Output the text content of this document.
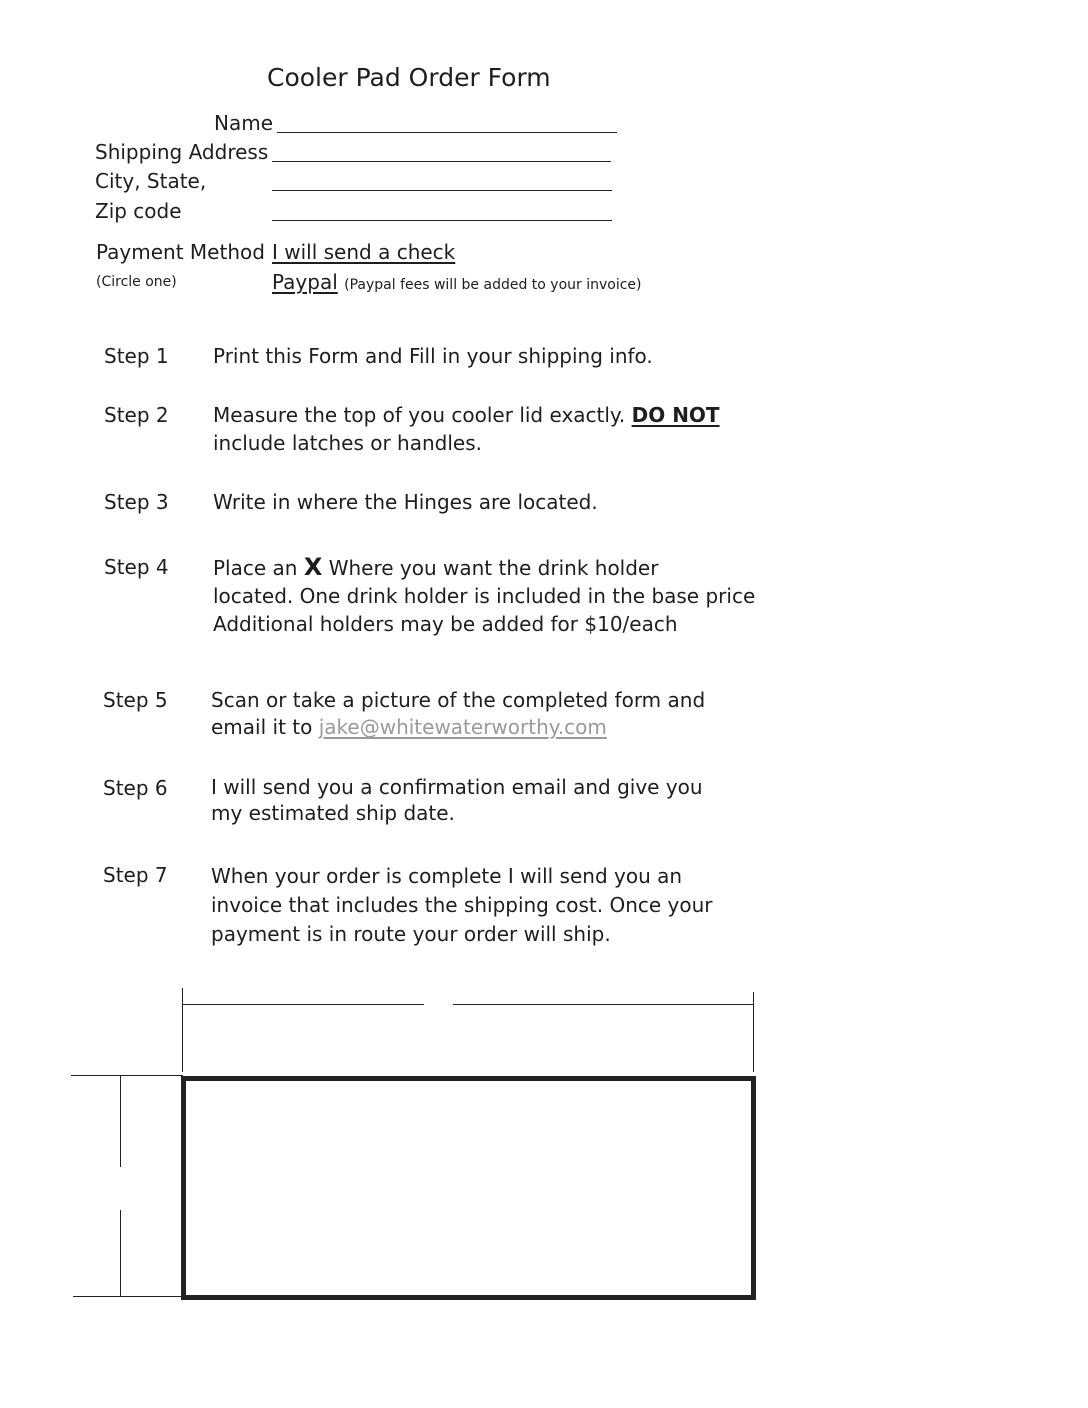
Cooler Pad Order Form
Name
Shipping Address
City, State,
Zip code
Payment Method I will send a check
(Circle one)	Paypal (Paypal fees will be added to your invoice)
Step 1 Print this Form and Fill in your shipping info.
Step 2 Measure the top of you cooler lid exactly. DO NOT
include latches or handles.
Step 3 Write in where the Hinges are located.
Step 4 Place an X Where you want the drink holder
located. One drink holder is included in the base price
Additional holders may be added for $10/each
Step 5 Scan or take a picture of the completed form and
email it to jake@whitewaterworthy.com
Step 6 I will send you a confirmation email and give you
my estimated ship date.
Step 7 When your order is complete I will send you an
invoice that includes the shipping cost. Once your
payment is in route your order will ship.
